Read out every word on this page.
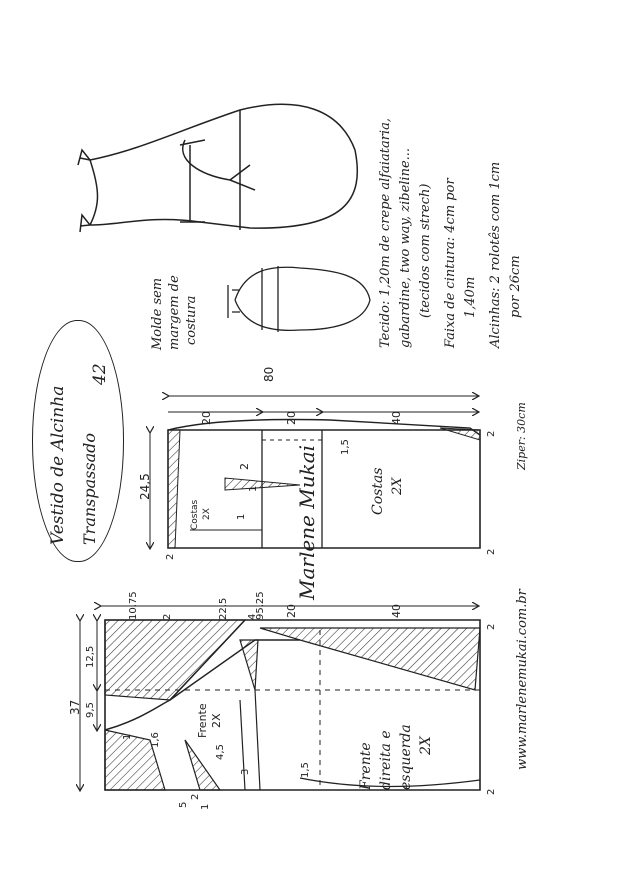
Vestido de Alcinha Transpassado
42
Molde sem margem de costura	Tecido: 1,20m de crepe alfaiataria, gabardine, two way, zibeline... (tecidos com strech) Faixa de cintura: 4cm por 1,40m Alcinhas: 2 rolotês com 1cm por 26cm
Ziper: 30cm
Marlene Mukai
www.marlenemukai.com.br
80
24,5
20	20	40
2
1
1
1,5
2
2
2
Costas 2X	Costas 2X
37
12,5
9,5
10,75 2	22,5 4
95,25 20	40
1 1,6
2
5 1
4,5
3	1,5
2
2
Frente 2X
Frente direita e esquerda 2X
